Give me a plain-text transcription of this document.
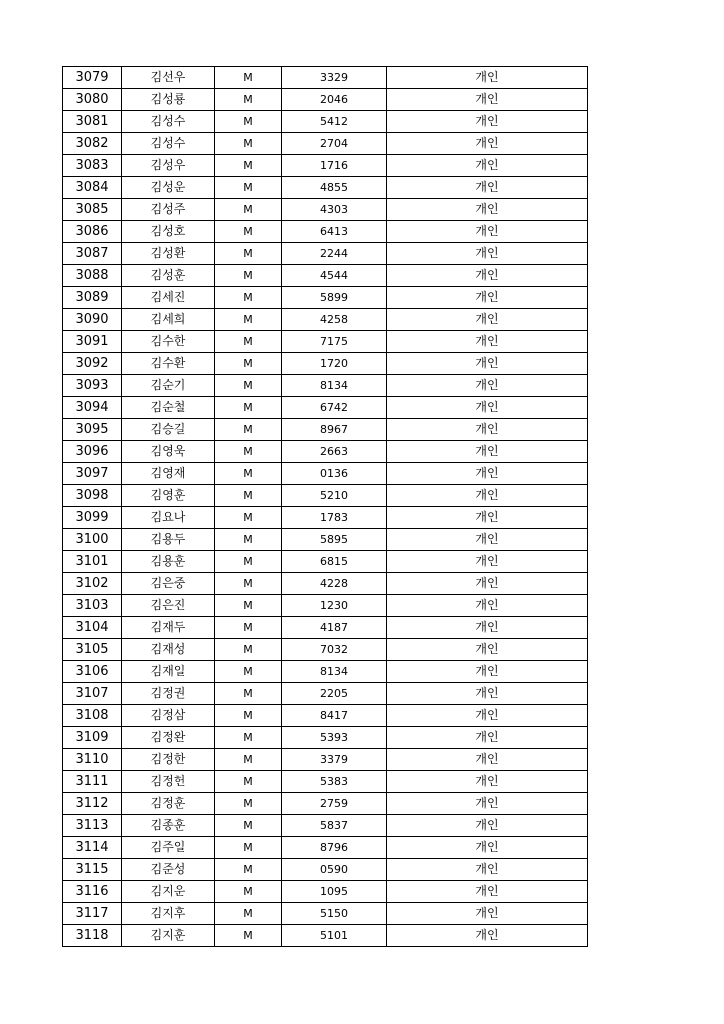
3079	김선우	M	3329	개인
3080	김성룡	M	2046	개인
3081	김성수	M	5412	개인
3082	김성수	M	2704	개인
3083	김성우	M	1716	개인
3084	김성운	M	4855	개인
3085	김성주	M	4303	개인
3086	김성호	M	6413	개인
3087	김성환	M	2244	개인
3088	김성훈	M	4544	개인
3089	김세진	M	5899	개인
3090	김세희	M	4258	개인
3091	김수한	M	7175	개인
3092	김수환	M	1720	개인
3093	김순기	M	8134	개인
3094	김순철	M	6742	개인
3095	김승길	M	8967	개인
3096	김영욱	M	2663	개인
3097	김영재	M	0136	개인
3098	김영훈	M	5210	개인
3099	김요나	M	1783	개인
3100	김용두	M	5895	개인
3101	김용훈	M	6815	개인
3102	김은중	M	4228	개인
3103	김은진	M	1230	개인
3104	김재두	M	4187	개인
3105	김재성	M	7032	개인
3106	김재일	M	8134	개인
3107	김정권	M	2205	개인
3108	김정삼	M	8417	개인
3109	김정완	M	5393	개인
3110	김정한	M	3379	개인
3111	김정헌	M	5383	개인
3112	김정훈	M	2759	개인
3113	김종훈	M	5837	개인
3114	김주일	M	8796	개인
3115	김준성	M	0590	개인
3116	김지운	M	1095	개인
3117	김지후	M	5150	개인
3118	김지훈	M	5101	개인
